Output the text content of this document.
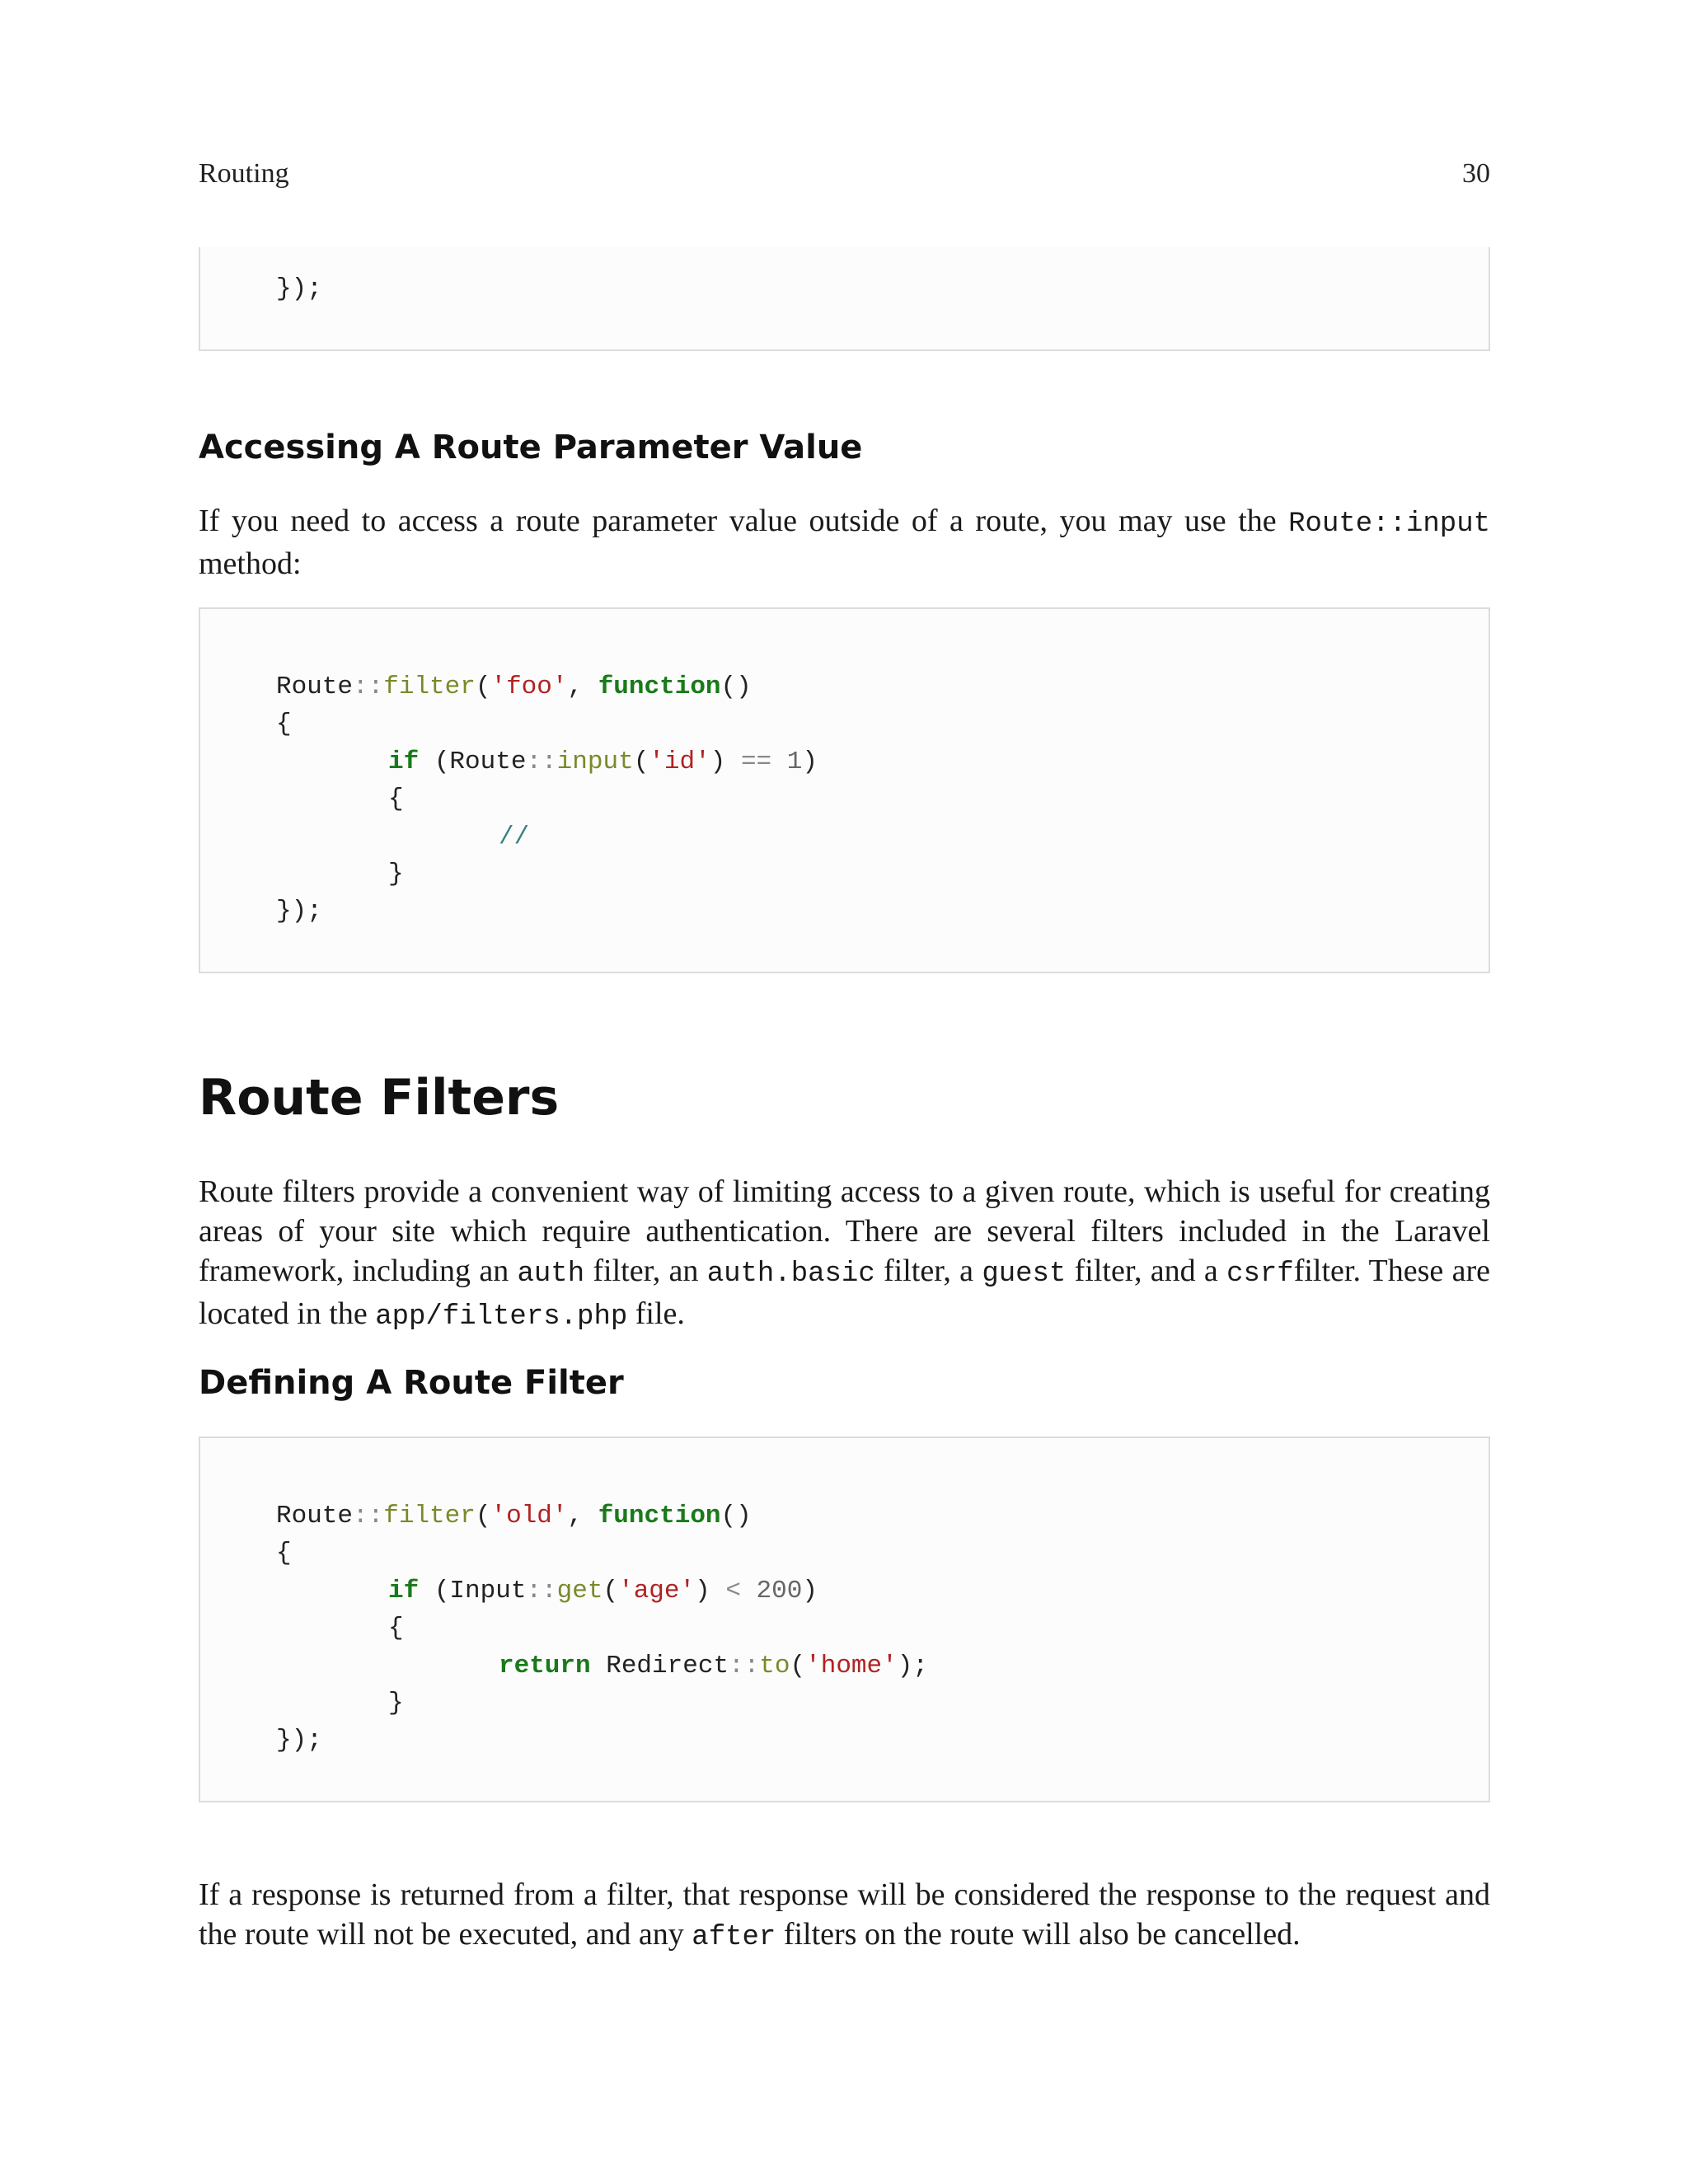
Routing	30
});
Accessing A Route Parameter Value

If you need to access a route parameter value outside of a route, you may use the Route::input method:

Route::filter('foo', function()
{
if (Route::input('id') == 1)
{
//
}
});
Route Filters

Route filters provide a convenient way of limiting access to a given route, which is useful for creating areas of your site which require authentication. There are several filters included in the Laravel framework, including an auth filter, an auth.basic filter, a guest filter, and a csrffilter. These are located in the app/filters.php file.

Defining A Route Filter
Route::filter('old', function()
{
if (Input::get('age') < 200)
{
return Redirect::to('home');
}
});

If a response is returned from a filter, that response will be considered the response to the request and the route will not be executed, and any after filters on the route will also be cancelled.
